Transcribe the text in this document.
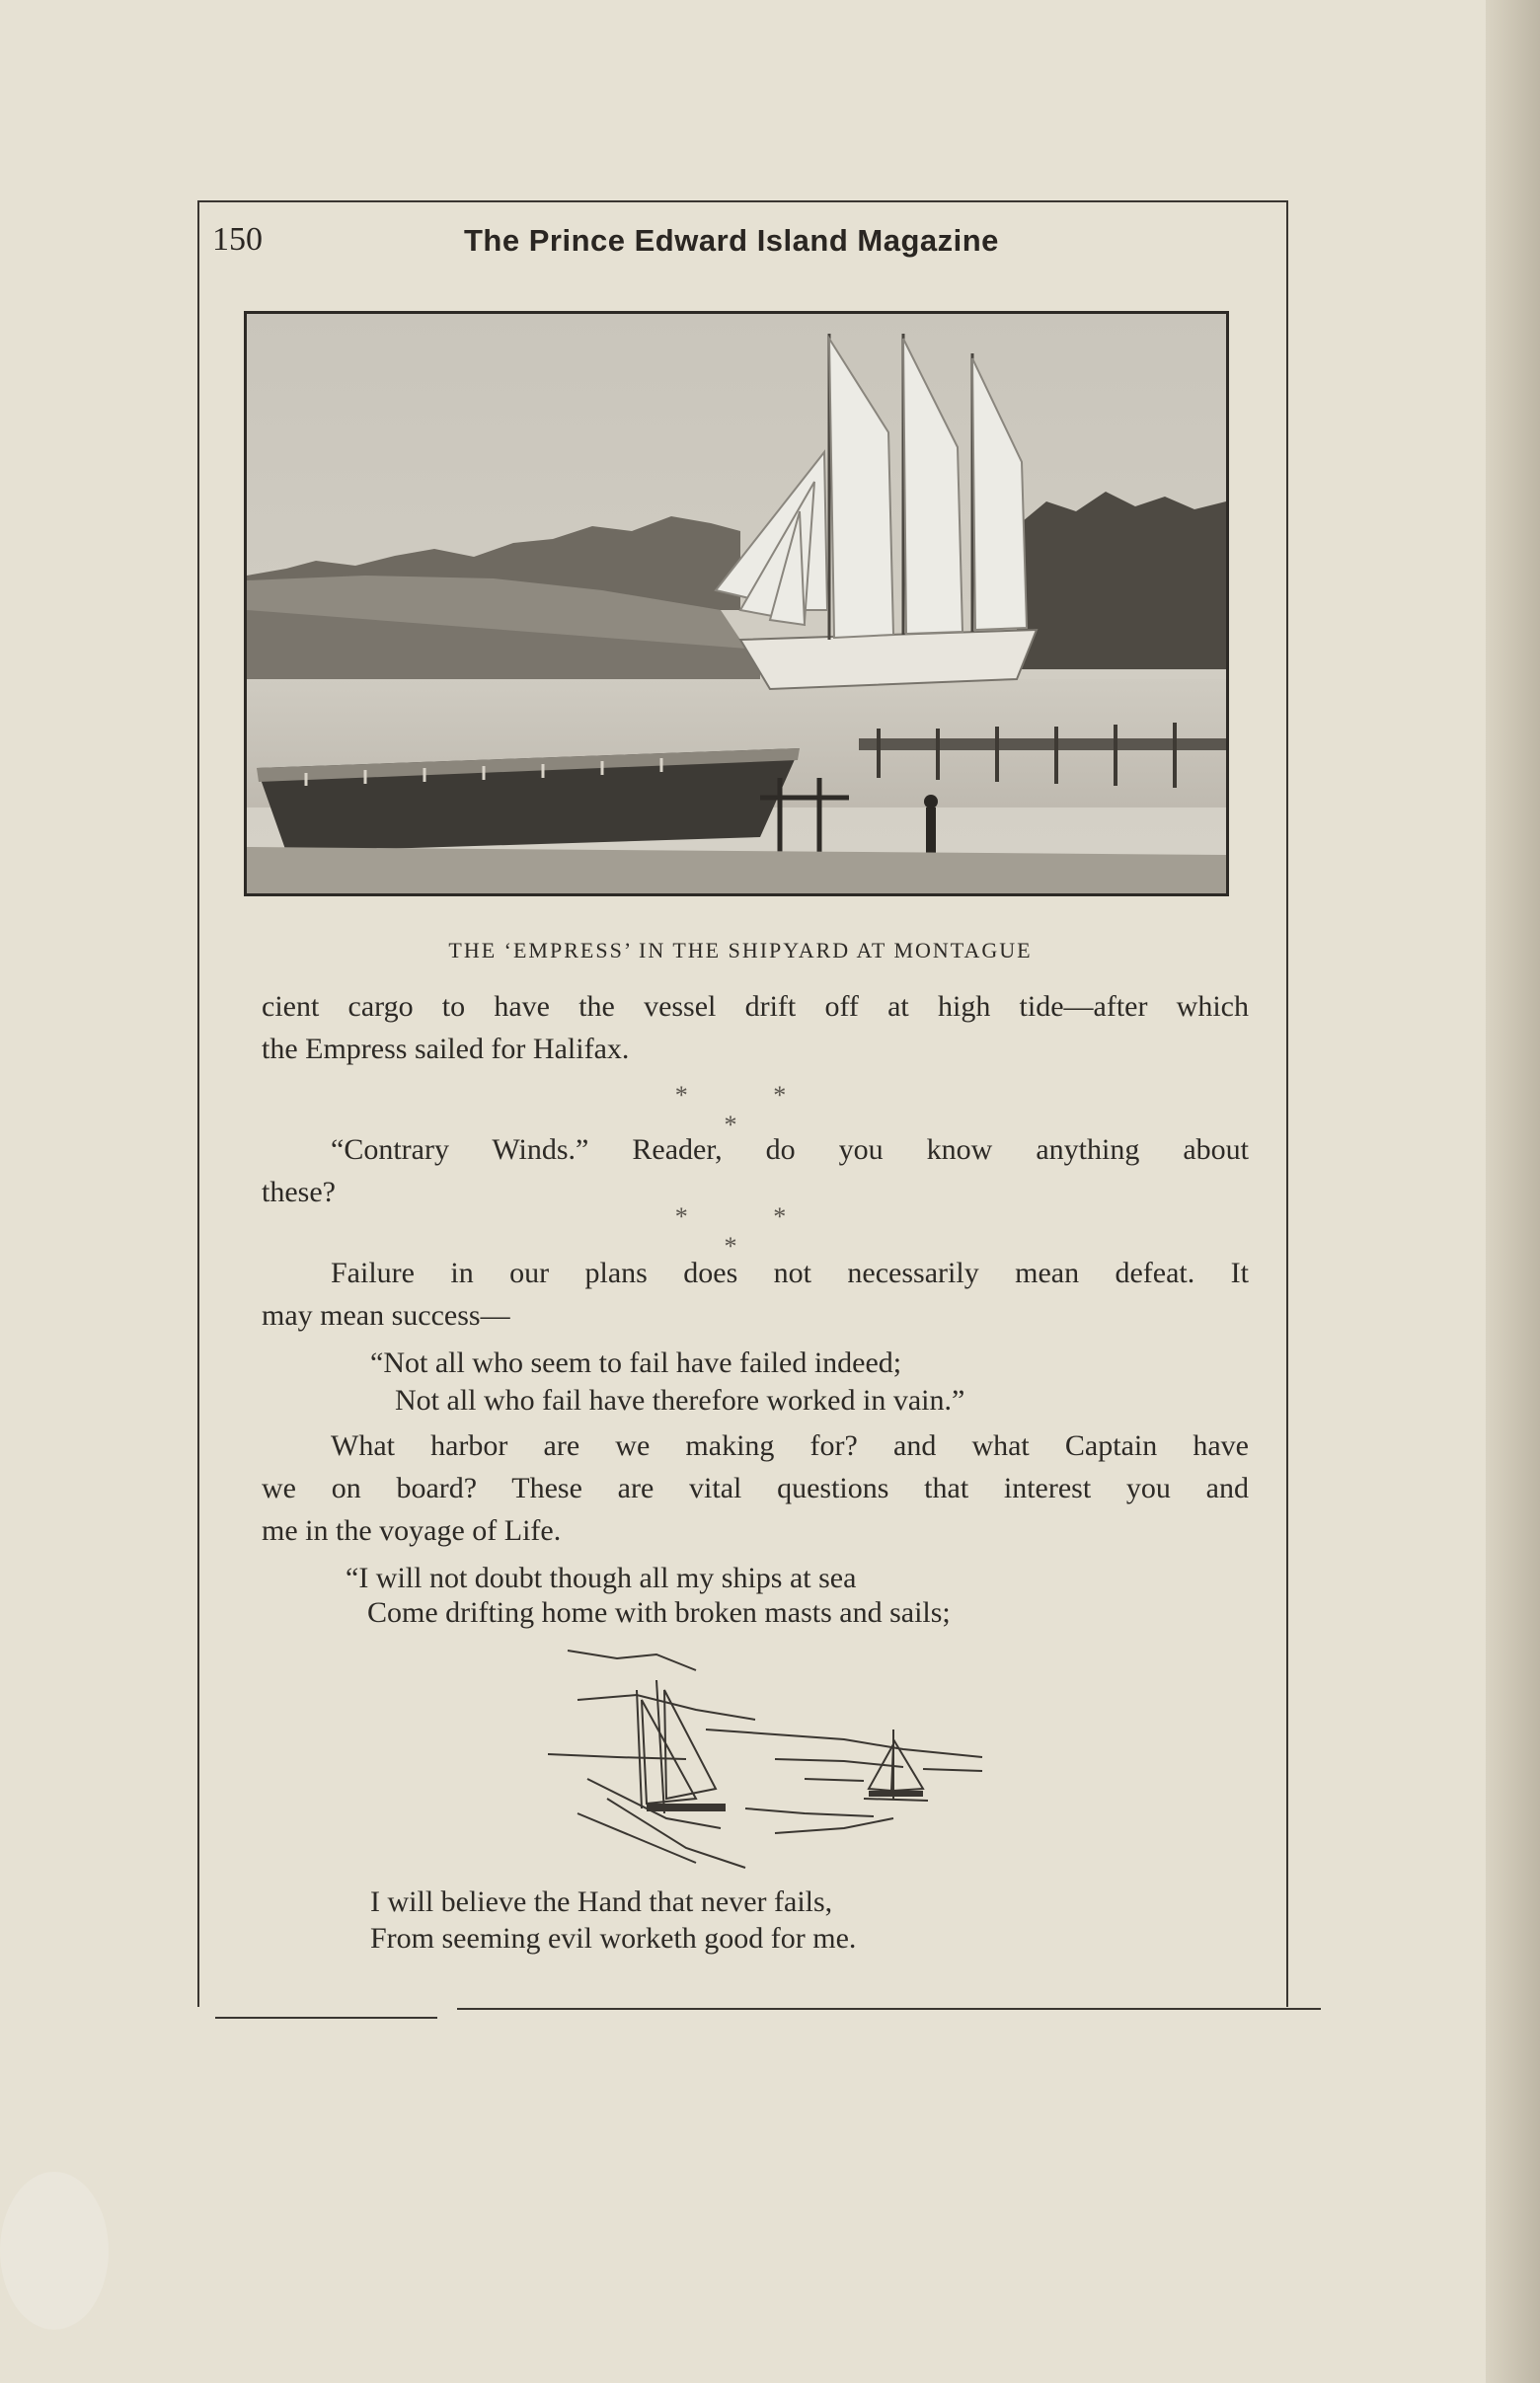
150	The Prince Edward Island Magazine
THE ‘EMPRESS’ IN THE SHIPYARD AT MONTAGUE
cient cargo to have the vessel drift off at high tide—after which
the Empress sailed for Halifax.
* * *
“Contrary Winds.” Reader, do you know anything about
these?
* * *
Failure in our plans does not necessarily mean defeat. It
may mean success—
“Not all who seem to fail have failed indeed;
Not all who fail have therefore worked in vain.”
What harbor are we making for? and what Captain have
we on board? These are vital questions that interest you and
me in the voyage of Life.
“I will not doubt though all my ships at sea
Come drifting home with broken masts and sails;
I will believe the Hand that never fails,
From seeming evil worketh good for me.
